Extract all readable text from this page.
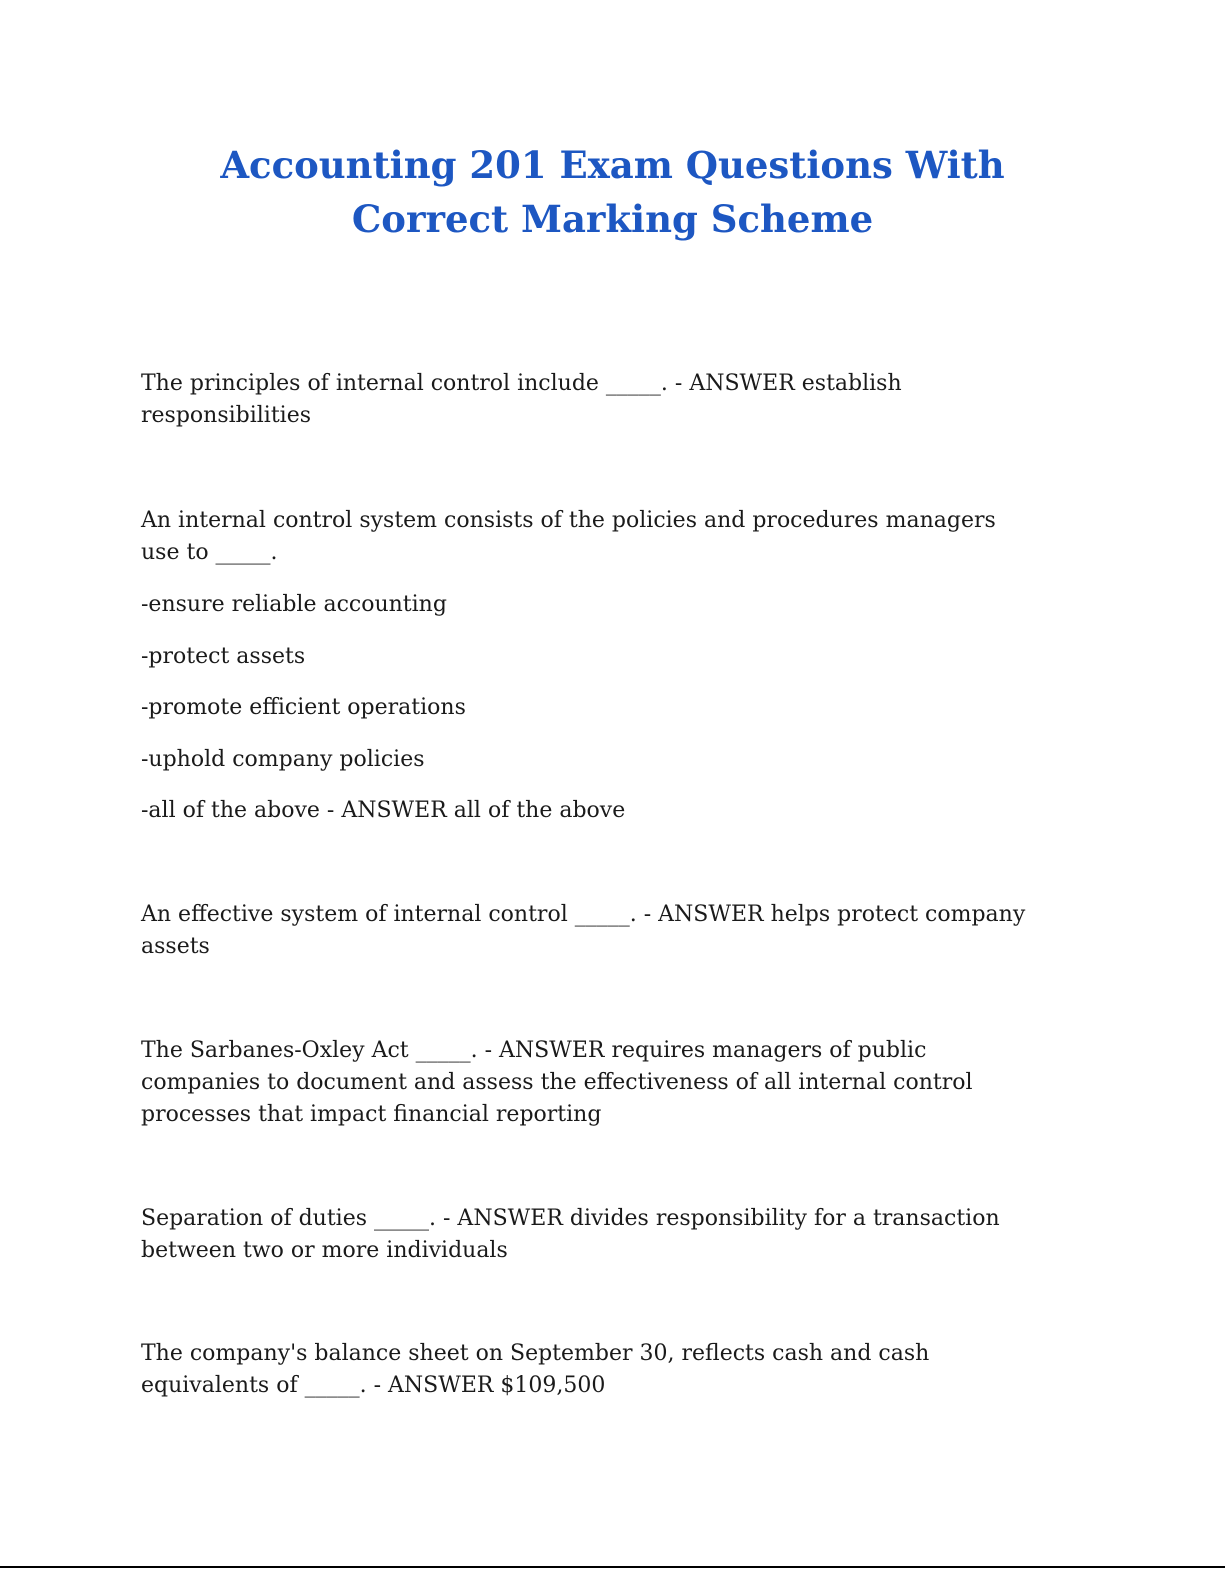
Accounting 201 Exam Questions With
Correct Marking Scheme

The principles of internal control include _____. - ANSWER establish
responsibilities

An internal control system consists of the policies and procedures managers
use to _____.

-ensure reliable accounting
-protect assets
-promote efficient operations
-uphold company policies
-all of the above - ANSWER all of the above

An effective system of internal control _____. - ANSWER helps protect company
assets

The Sarbanes-Oxley Act _____. - ANSWER requires managers of public
companies to document and assess the effectiveness of all internal control
processes that impact financial reporting

Separation of duties _____. - ANSWER divides responsibility for a transaction
between two or more individuals

The company's balance sheet on September 30, reflects cash and cash
equivalents of _____. - ANSWER $109,500
